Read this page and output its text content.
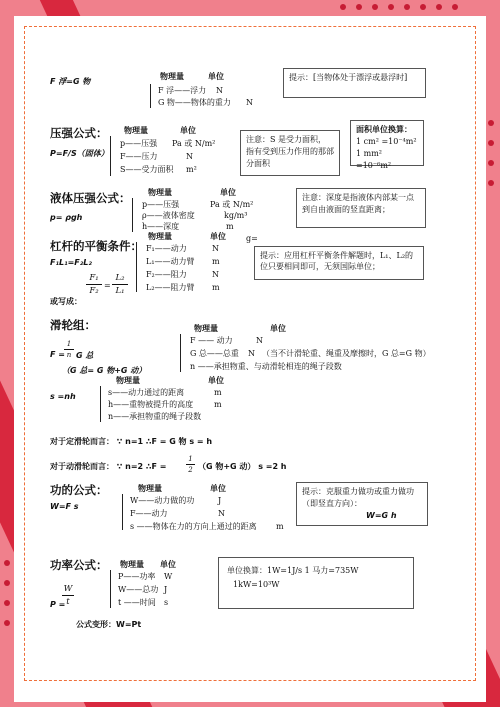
F 浮=G 物
物理量	单位
F 浮——浮力 N
G 物——物体的重力 N
提示：[当物体处于漂浮或悬浮时]
压强公式：
P=F/S（固体）
物理量	单位
p——压强 Pa 或 N/m²
F——压力	N
S——受力面积 m²
注意：S 是受力面积，指有受到压力作用的那部分面积
面积单位换算：
1 cm² =10⁻⁴m²
1 mm² =10⁻⁶m²
液体压强公式：
p= ρgh
物理量	单位
p——压强	Pa 或 N/m²
ρ——液体密度	kg/m³
h——深度	m
g=
注意：深度是指液体内部某一点到自由液面的竖直距离；
杠杆的平衡条件：
F₁L₁=F₂L₂
F₁
F₂
=
L₂
L₁
或写成：
物理量	单位
F₁——动力	N
L₁——动力臂 m
F₂——阻力	N
L₂——阻力臂 m
提示：应用杠杆平衡条件解题时，L₁、L₂的位只要相同即可，无须国际单位；
滑轮组：
F =
1
n G 总
（G 总= G 物+G 动）
物理量	单位
F —— 动力	N
G 总——总重 N （当不计滑轮重、绳重及摩擦时，G 总=G 物）
n ——承担物重、与动滑轮相连的绳子段数
s =nh
物理量	单位
s——动力通过的距离	m
h——重物被提升的高度	m
n——承担物重的绳子段数
对于定滑轮而言： ∵ n=1 ∴F = G 物 s = h
对于动滑轮而言： ∵ n=2 ∴F =
1
2 （G 物+G 动） s =2 h
功的公式：
W=F s
物理量	单位
W——动力做的功	J
F——动力	N
s ——物体在力的方向上通过的距离 m
提示：克服重力做功或重力做功
（即竖直方向）：
W=G h
功率公式：
P =
W
t
物理量 单位
P——功率 W
W——总功 J
t ——时间 s
单位换算：1W=1J/s 1 马力=735W
1kW=10³W
公式变形：W=Pt
